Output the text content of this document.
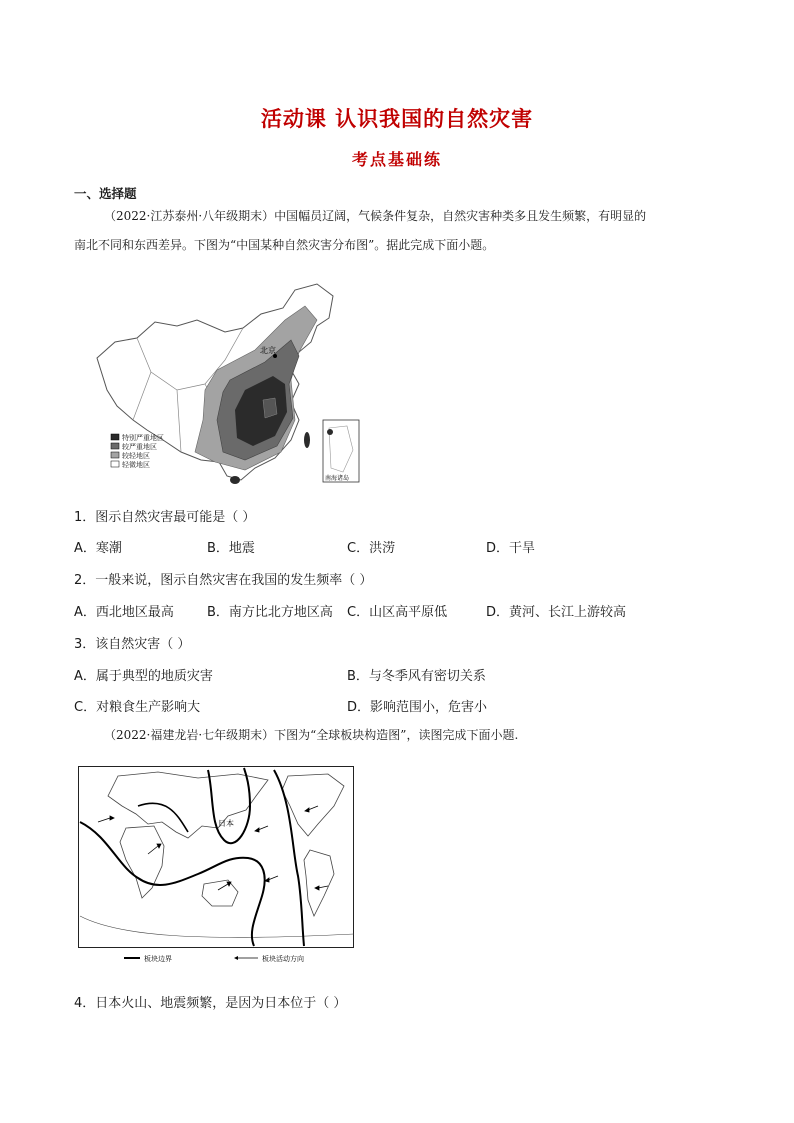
活动课 认识我国的自然灾害
考点基础练
一、选择题
（2022·江苏泰州·八年级期末）中国幅员辽阔，气候条件复杂，自然灾害种类多且发生频繁，有明显的
南北不同和东西差异。下图为“中国某种自然灾害分布图”。据此完成下面小题。
北京
南海诸岛
特别严重地区
较严重地区
较轻地区
轻微地区
1．图示自然灾害最可能是（ ）
A．寒潮	B．地震	C．洪涝	D．干旱
2．一般来说，图示自然灾害在我国的发生频率（ ）
A．西北地区最高	B．南方比北方地区高 C．山区高平原低	D．黄河、长江上游较高
3．该自然灾害（ ）
A．属于典型的地质灾害	B．与冬季风有密切关系
C．对粮食生产影响大	D．影响范围小，危害小
（2022·福建龙岩·七年级期末）下图为“全球板块构造图”，读图完成下面小题.
日本
板块边界	板块活动方向
4．日本火山、地震频繁，是因为日本位于（ ）
